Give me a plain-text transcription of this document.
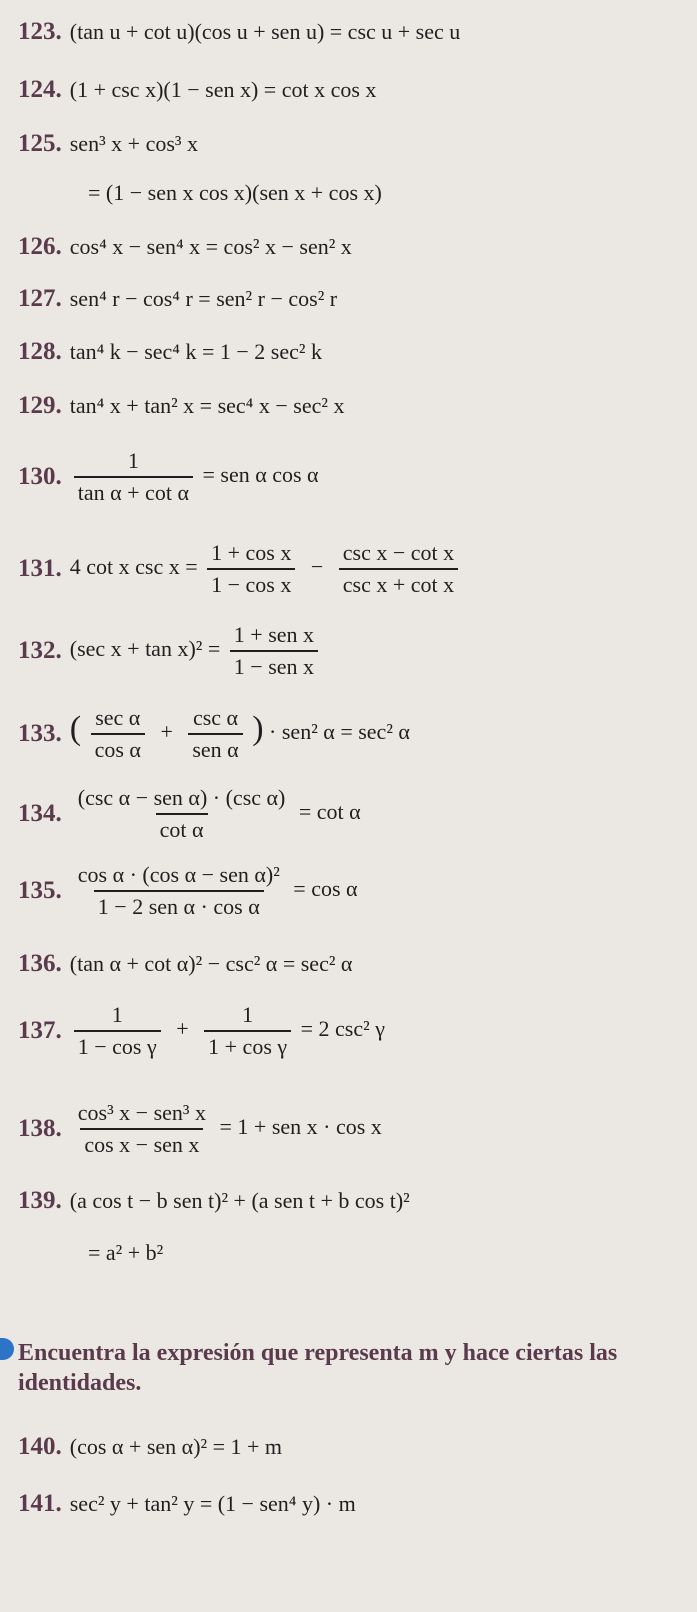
123. (tan u + cot u)(cos u + sen u) = csc u + sec u
124. (1 + csc x)(1 − sen x) = cot x cos x
125. sen³ x + cos³ x
= (1 − sen x cos x)(sen x + cos x)
126. cos⁴ x − sen⁴ x = cos² x − sen² x
127. sen⁴ r − cos⁴ r = sen² r − cos² r
128. tan⁴ k − sec⁴ k = 1 − 2 sec² k
129. tan⁴ x + tan² x = sec⁴ x − sec² x
130. $\frac{1}{\text{tan α + cot α}}$ = sen α cos α
131. 4 cot x $\csc x = \frac{\text{1 + cos x}}{\text{1 − cos x}} - \frac{\text{csc x − cot x}}{\text{csc x + cot x}}$
132. (sec $x + \tan x)^2 = \frac{\text{1 + sen x}}{\text{1 − sen x}}$
133. ( $\frac{\text{sec α}}{\text{cos α}} + \frac{\text{csc α}}{\text{sen α}}$ ) · sen² α = sec² α
134. $\frac{\text{(csc α − sen α) · (csc α)}}{\text{cot α}} = \cot \alpha$
135. $\frac{\text{cos α · (cos α − sen α)²}}{\text{1 − 2 sen α · cos α}} = \cos \alpha$
136. (tan α + cot α)² − csc² α = sec² α
137. $\frac{1}{\text{1 − cos γ}} + \frac{1}{\text{1 + cos γ}} = 2$ csc² γ
138. $\frac{\text{cos³ x − sen³ x}}{\text{cos x − sen x}} = 1$ + sen x · cos x
139. (a cos t − b sen t)² + (a sen t + b cos t)²
= a² + b²
Encuentra la expresión que representa m y hace ciertas las identidades.
140. (cos α + sen α)² = 1 + m
141. sec² y + tan² y = (1 − sen⁴ y) · m
